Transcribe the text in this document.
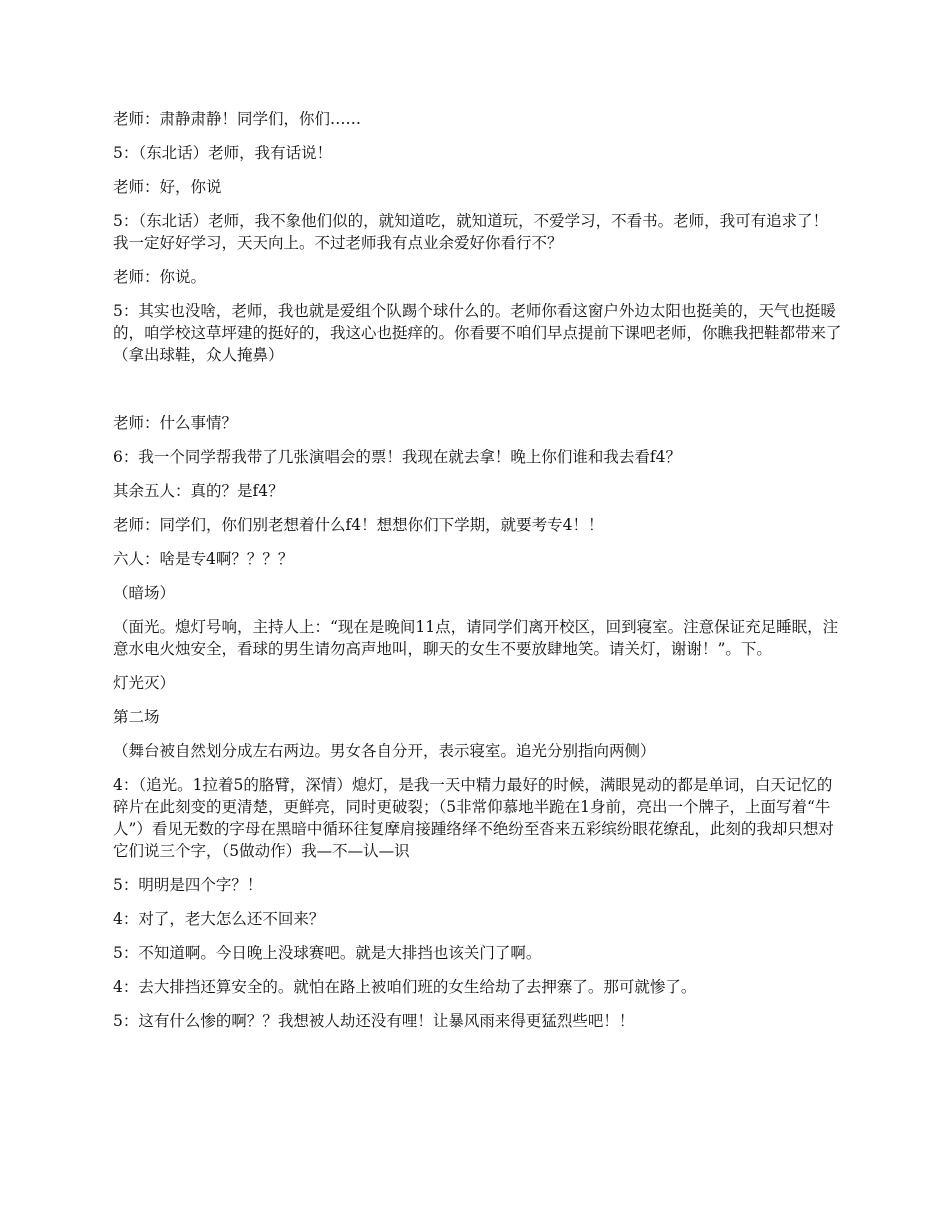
老师：肃静肃静！同学们，你们……

5：（东北话）老师，我有话说！

老师：好，你说

5：（东北话）老师，我不象他们似的，就知道吃，就知道玩，不爱学习，不看书。老师，我可有追求了！我一定好好学习，天天向上。不过老师我有点业余爱好你看行不？

老师：你说。

5：其实也没啥，老师，我也就是爱组个队踢个球什么的。老师你看这窗户外边太阳也挺美的，天气也挺暖的，咱学校这草坪建的挺好的，我这心也挺痒的。你看要不咱们早点提前下课吧老师，你瞧我把鞋都带来了（拿出球鞋，众人掩鼻）

老师：什么事情？

6：我一个同学帮我带了几张演唱会的票！我现在就去拿！晚上你们谁和我去看f4？

其余五人：真的？是f4？

老师：同学们，你们别老想着什么f4！想想你们下学期，就要考专4！！

六人：啥是专4啊？？？？

（暗场）

（面光。熄灯号响，主持人上：“现在是晚间11点，请同学们离开校区，回到寝室。注意保证充足睡眠，注意水电火烛安全，看球的男生请勿高声地叫，聊天的女生不要放肆地笑。请关灯，谢谢！”。下。

灯光灭）

第二场

（舞台被自然划分成左右两边。男女各自分开，表示寝室。追光分别指向两侧）

4：（追光。1拉着5的胳臂，深情）熄灯，是我一天中精力最好的时候，满眼晃动的都是单词，白天记忆的碎片在此刻变的更清楚，更鲜亮，同时更破裂；（5非常仰慕地半跪在1身前，亮出一个牌子，上面写着“牛人”）看见无数的字母在黑暗中循环往复摩肩接踵络绎不绝纷至沓来五彩缤纷眼花缭乱，此刻的我却只想对它们说三个字，（5做动作）我—不—认—识

5：明明是四个字？！

4：对了，老大怎么还不回来？

5：不知道啊。今日晚上没球赛吧。就是大排挡也该关门了啊。

4：去大排挡还算安全的。就怕在路上被咱们班的女生给劫了去押寨了。那可就惨了。

5：这有什么惨的啊？？我想被人劫还没有哩！让暴风雨来得更猛烈些吧！！
